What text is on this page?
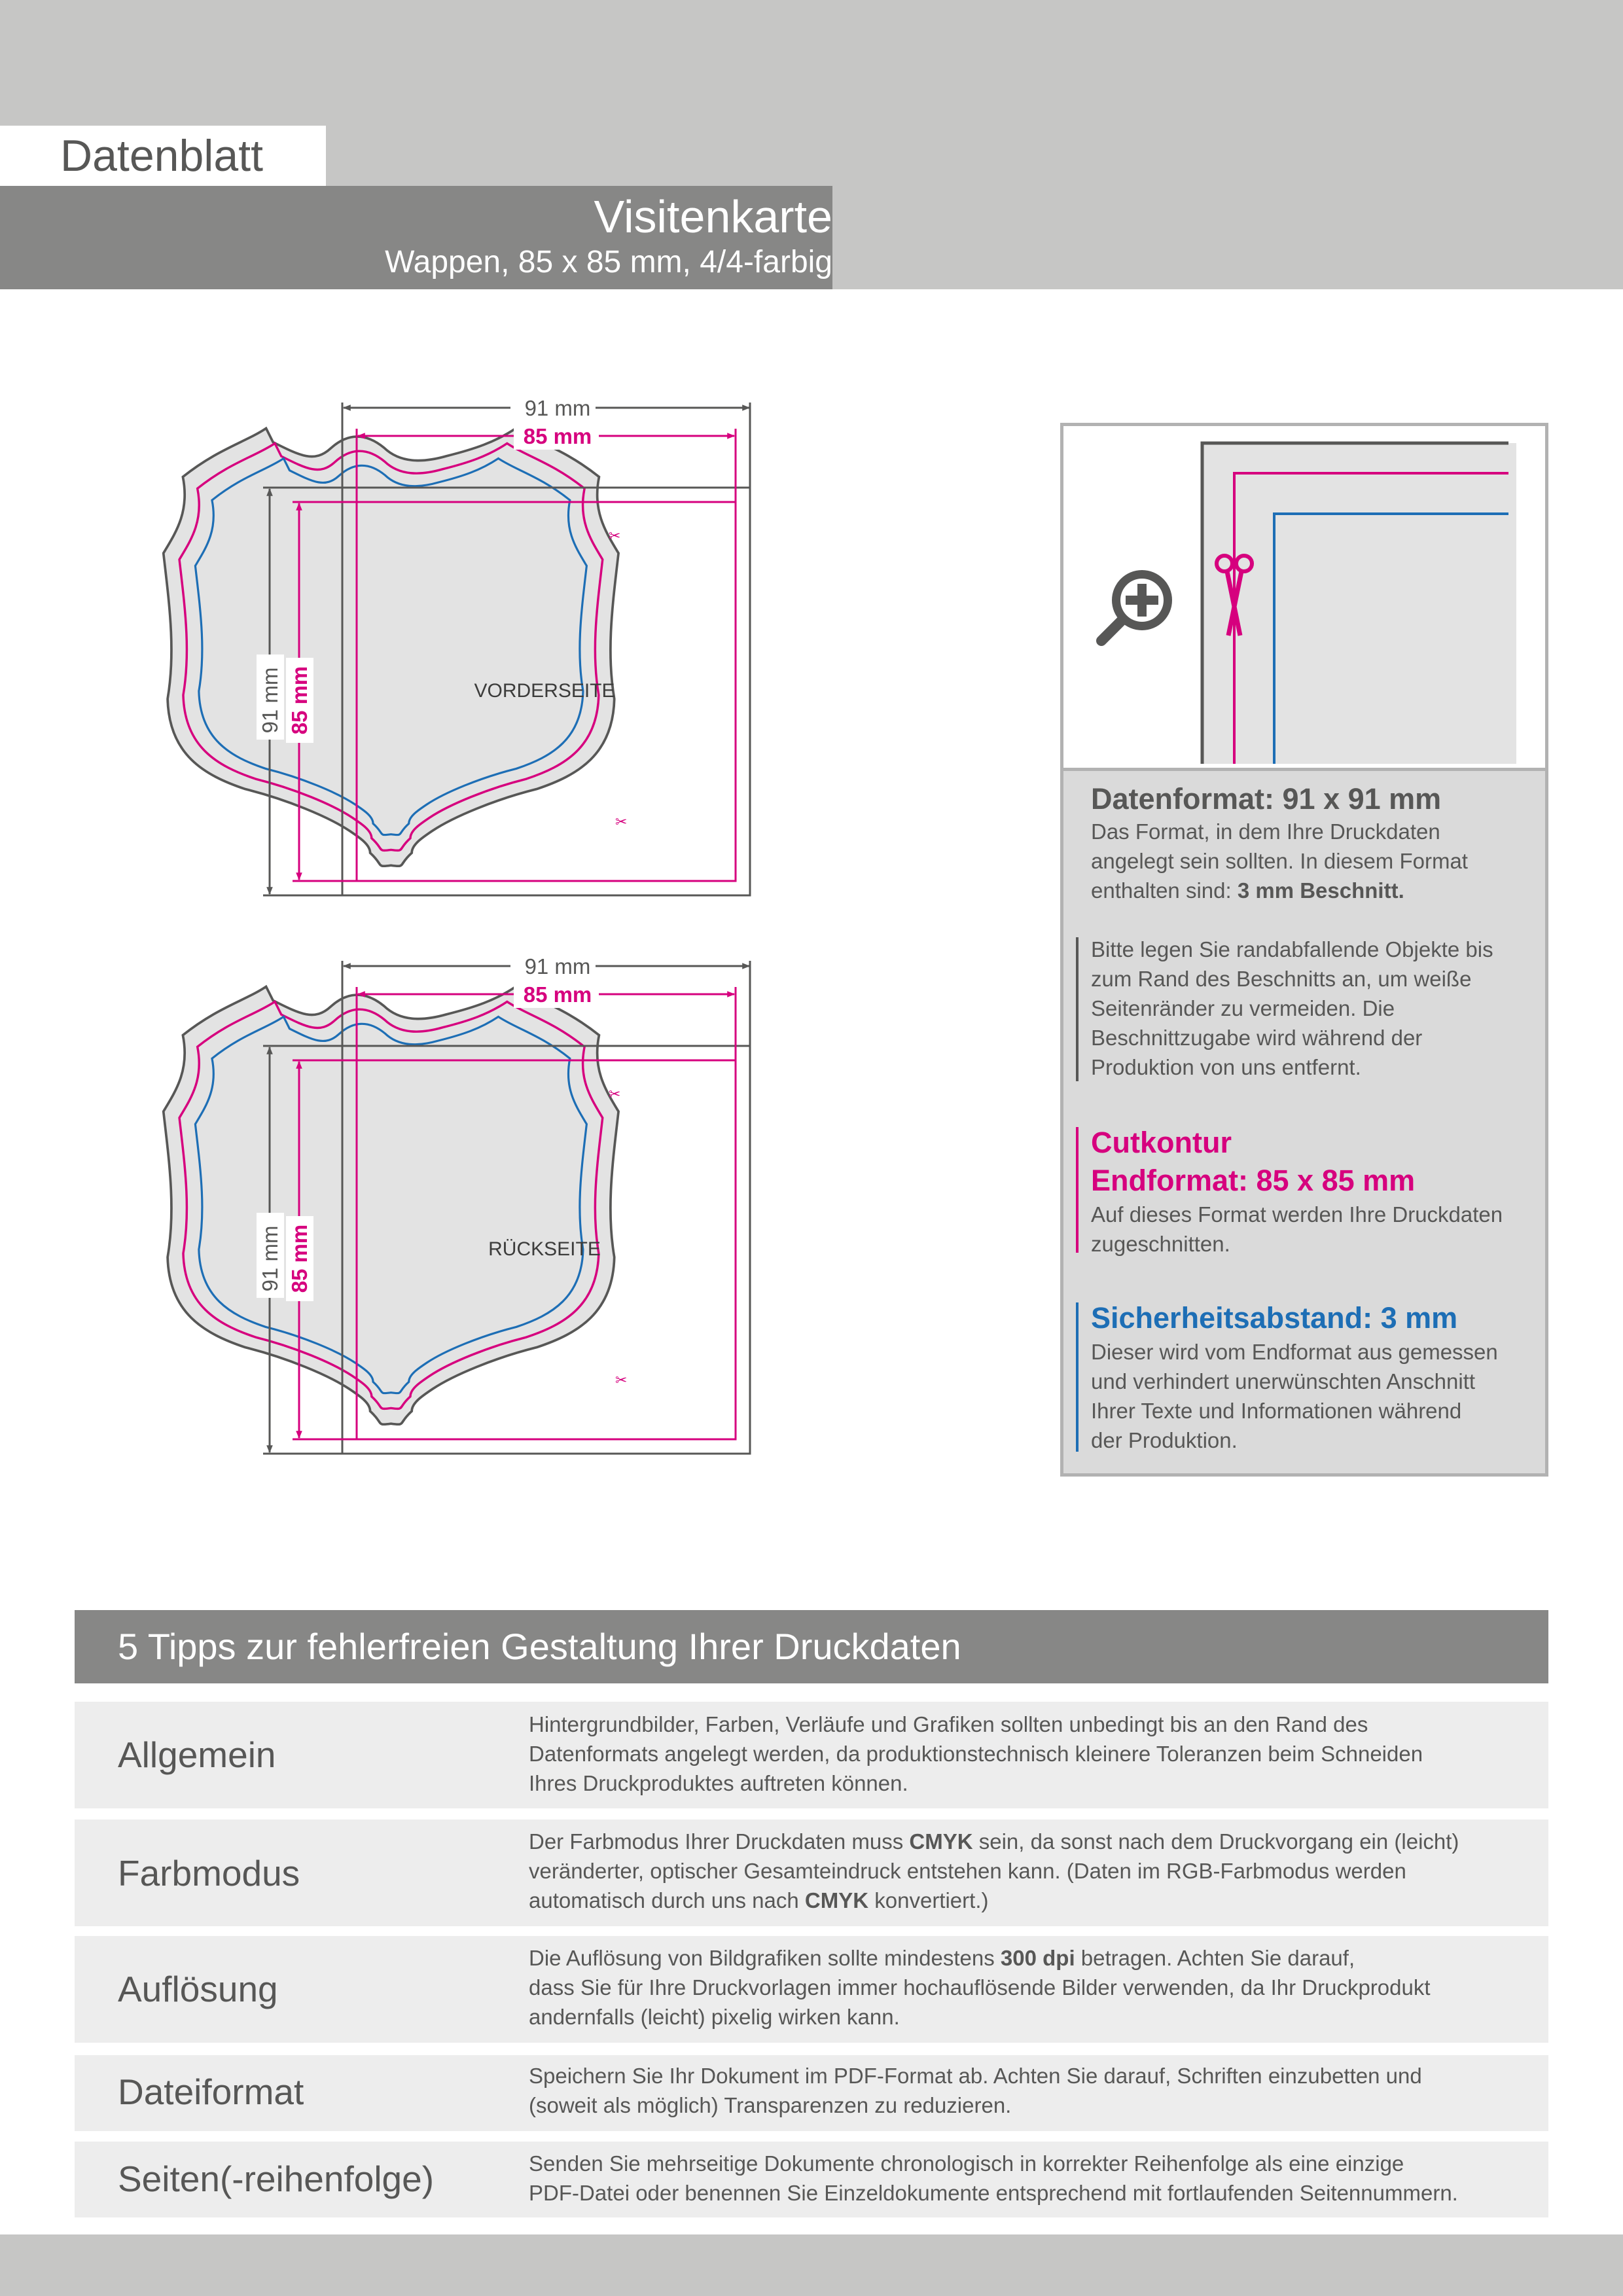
Datenblatt
Visitenkarte
Wappen, 85 x 85 mm, 4/4-farbig
VORDERSEITE
91 mm
85 mm
91 mm 85 mm
✂
✂
RÜCKSEITE
91 mm
85 mm
91 mm 85 mm
✂
✂
Datenformat: 91 x 91 mm
Das Format, in dem Ihre Druckdaten
angelegt sein sollten. In diesem Format
enthalten sind: 3 mm Beschnitt.
Bitte legen Sie randabfallende Objekte bis
zum Rand des Beschnitts an, um weiße
Seitenränder zu vermeiden. Die
Beschnittzugabe wird während der
Produktion von uns entfernt.
Cutkontur
Endformat: 85 x 85 mm
Auf dieses Format werden Ihre Druckdaten
zugeschnitten.
Sicherheitsabstand: 3 mm
Dieser wird vom Endformat aus gemessen
und verhindert unerwünschten Anschnitt
Ihrer Texte und Informationen während
der Produktion.
5 Tipps zur fehlerfreien Gestaltung Ihrer Druckdaten
Allgemein
Hintergrundbilder, Farben, Verläufe und Grafiken sollten unbedingt bis an den Rand des
Datenformats angelegt werden, da produktionstechnisch kleinere Toleranzen beim Schneiden
Ihres Druckproduktes auftreten können.
Farbmodus
Der Farbmodus Ihrer Druckdaten muss CMYK sein, da sonst nach dem Druckvorgang ein (leicht)
veränderter, optischer Gesamteindruck entstehen kann. (Daten im RGB-Farbmodus werden
automatisch durch uns nach CMYK konvertiert.)
Auflösung
Die Auflösung von Bildgrafiken sollte mindestens 300 dpi betragen. Achten Sie darauf,
dass Sie für Ihre Druckvorlagen immer hochauflösende Bilder verwenden, da Ihr Druckprodukt
andernfalls (leicht) pixelig wirken kann.
Dateiformat	Speichern Sie Ihr Dokument im PDF-Format ab. Achten Sie darauf, Schriften einzubetten und
(soweit als möglich) Transparenzen zu reduzieren.
Seiten(-reihenfolge)	Senden Sie mehrseitige Dokumente chronologisch in korrekter Reihenfolge als eine einzige
PDF-Datei oder benennen Sie Einzeldokumente entsprechend mit fortlaufenden Seitennummern.
